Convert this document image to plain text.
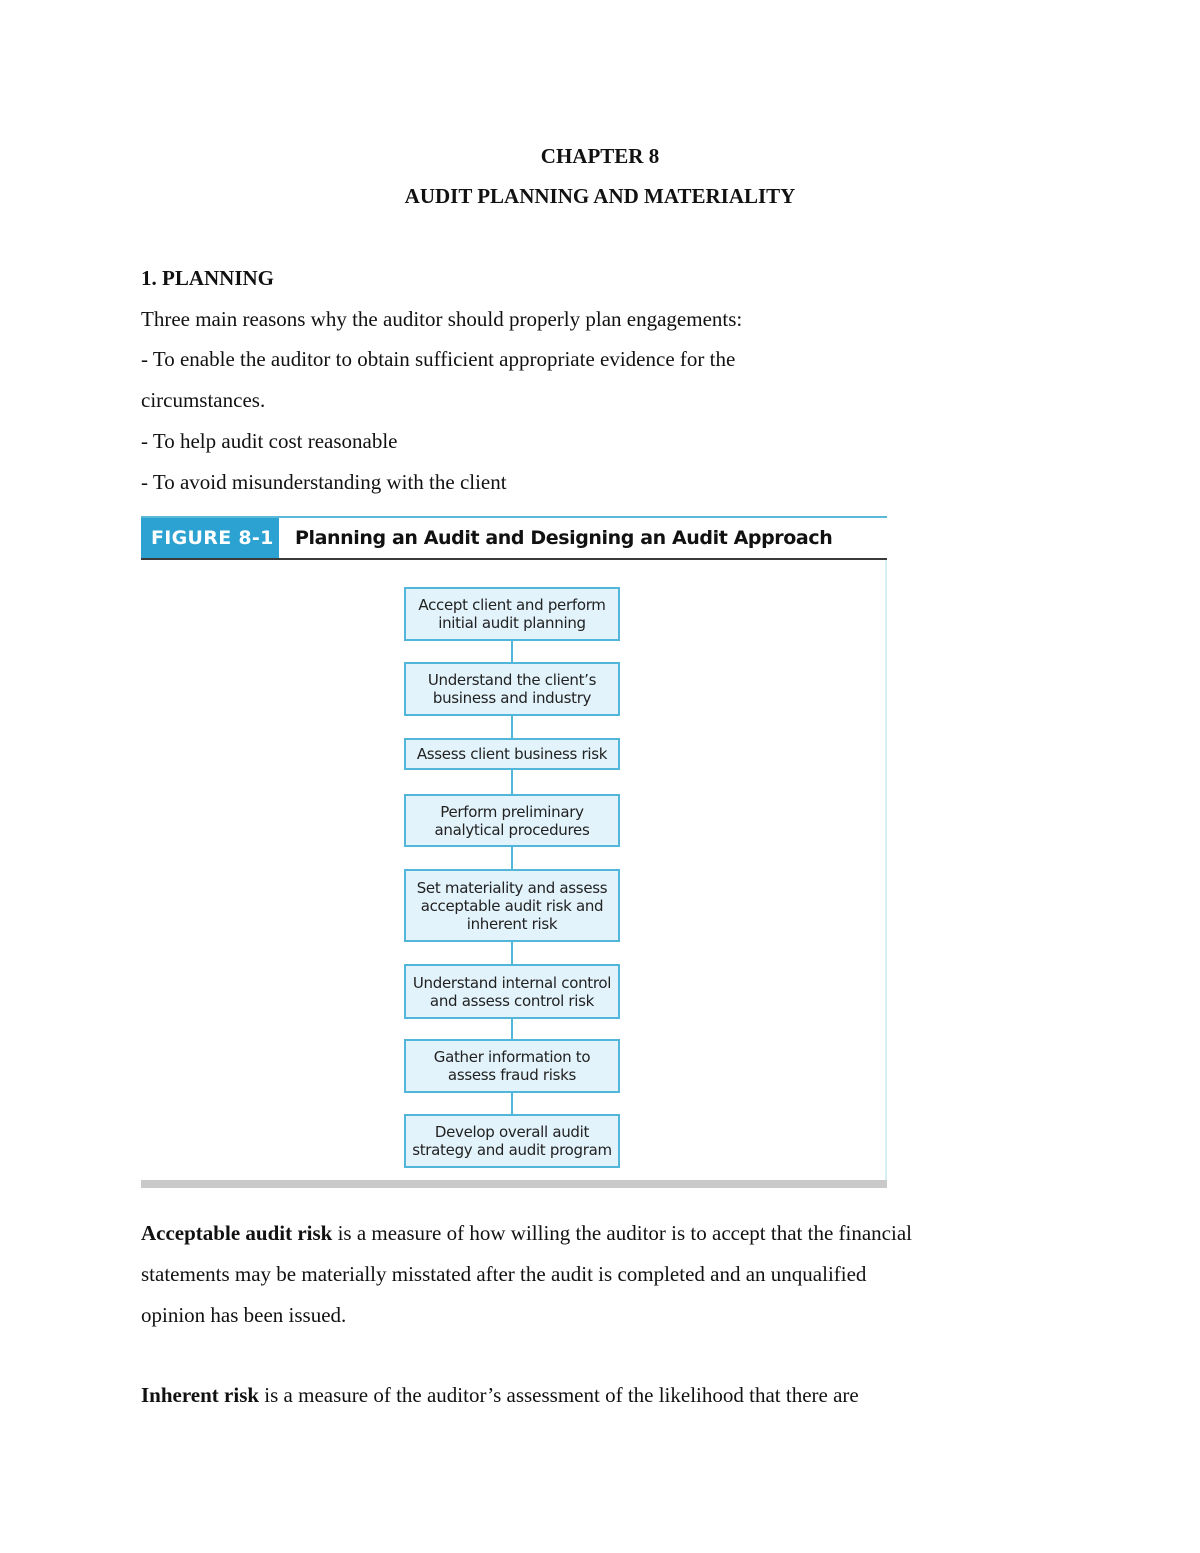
CHAPTER 8
AUDIT PLANNING AND MATERIALITY
1. PLANNING
Three main reasons why the auditor should properly plan engagements:
- To enable the auditor to obtain sufficient appropriate evidence for the
circumstances.
- To help audit cost reasonable
- To avoid misunderstanding with the client
FIGURE 8-1 Planning an Audit and Designing an Audit Approach
Accept client and perform initial audit planning
Understand the client’s business and industry
Assess client business risk
Perform preliminary analytical procedures
Set materiality and assess acceptable audit risk and inherent risk
Understand internal control and assess control risk
Gather information to assess fraud risks
Develop overall audit strategy and audit program
Acceptable audit risk is a measure of how willing the auditor is to accept that the financial
statements may be materially misstated after the audit is completed and an unqualified
opinion has been issued.
Inherent risk is a measure of the auditor’s assessment of the likelihood that there are
